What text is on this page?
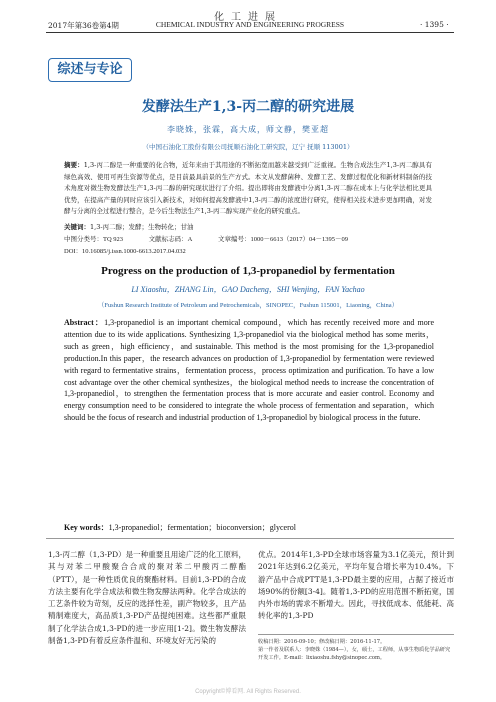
化工进展
2017年第36卷第4期	CHEMICAL INDUSTRY AND ENGINEERING PROGRESS	· 1395 ·
综述与专论
发酵法生产1,3-丙二醇的研究进展
李晓姝，张霖，高大成，师文静，樊亚超
（中国石油化工股份有限公司抚顺石油化工研究院，辽宁 抚顺 113001）
摘要：1,3-丙二醇是一种重要的化合物，近年来由于其用途的不断拓宽而越来越受到广泛重视。生物合成法生产1,3-丙二醇具有绿色高效、使用可再生资源等优点，是目前最具前景的生产方式。本文从发酵菌种、发酵工艺、发酵过程优化和新材料制备的技术角度对微生物发酵法生产1,3-丙二醇的研究现状进行了介绍。提出即将由发酵液中分离1,3-丙二醇在成本上与化学法相比更具优势，在提高产量的同时应该引入新技术，对如何提高发酵液中1,3-丙二醇的浓度进行研究，使得相关技术进步更加明确，对发酵与分离的全过程进行整合，是今后生物法生产1,3-丙二醇实现产业化的研究重点。
关键词：1,3-丙二醇；发酵；生物转化；甘油
中图分类号：TQ 923	文献标志码：A	文章编号：1000－6613（2017）04－1395－09
DOI：10.16085/j.issn.1000-6613.2017.04.032
Progress on the production of 1,3-propanediol by fermentation
LI Xiaoshu，ZHANG Lin，GAO Dacheng，SHI Wenjing，FAN Yachao
（Fushun Research Institute of Petroleum and Petrochemicals，SINOPEC，Fushun 115001，Liaoning，China）
Abstract：1,3-propanediol is an important chemical compound，which has recently received more and more attention due to its wide applications. Synthesizing 1,3-propanediol via the biological method has some merits，such as green，high efficiency，and sustainable. This method is the most promising for the 1,3-propanediol production.In this paper，the research advances on production of 1,3-propanediol by fermentation were reviewed with regard to fermentative strains，fermentation process，process optimization and purification. To have a low cost advantage over the other chemical synthesizes，the biological method needs to increase the concentration of 1,3-propanediol，to strengthen the fermentation process that is more accurate and easier control. Economy and energy consumption need to be considered to integrate the whole process of fermentation and separation，which should be the focus of research and industrial production of 1,3-propanediol by biological process in the future.
Key words：1,3-propanediol；fermentation；bioconversion；glycerol
1,3-丙二醇（1,3-PD）是一种重要且用途广泛的化工原料，其与对苯二甲酸聚合合成的聚对苯二甲酸丙二醇酯（PTT），是一种性质优良的聚酯材料。目前1,3-PD的合成方法主要有化学合成法和微生物发酵法两种。化学合成法的工艺条件较为苛刻，反应的选择性差，副产物较多，且产品精制难度大，高品质1,3-PD产品提纯困难。这些都严重限制了化学法合成1,3-PD的进一步应用[1-2]。微生物发酵法制备1,3-PD有着反应条件温和、环境友好无污染的
优点。2014年1,3-PD全球市场容量为3.1亿美元，预计到2021年达到6.2亿美元，平均年复合增长率为10.4%。下游产品中合成PTT是1,3-PD最主要的应用，占据了接近市场90%的份额[3-4]。随着1,3-PD的应用范围不断拓宽，国内外市场的需求不断增大。因此，寻找低成本、低能耗、高转化率的1,3-PD
收稿日期：2016-09-10；修改稿日期：2016-11-17。
第一作者及联系人：李晓姝（1984—），女，硕士，工程师，从事生物质化学品研究开发工作。E-mail：lixiaoshu.fshy@sinopec.com。
Copyright©博看网. All Rights Reserved.
